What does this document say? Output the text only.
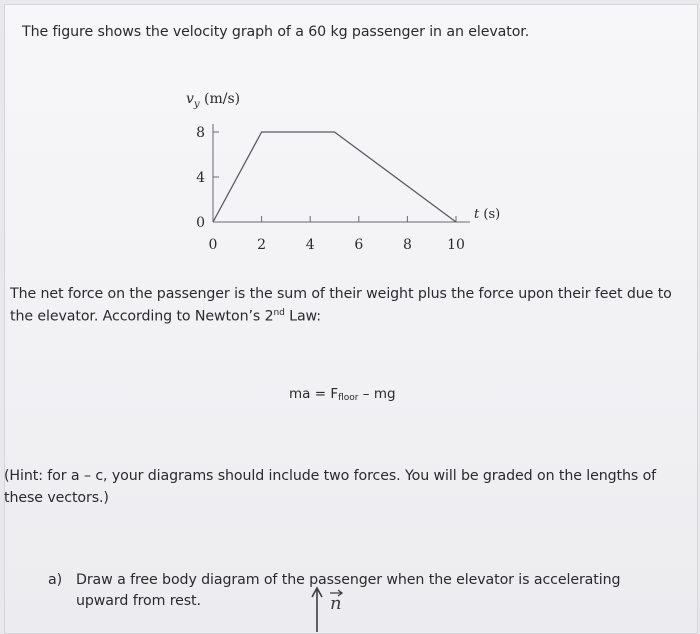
The figure shows the velocity graph of a 60 kg passenger in an elevator.
0
4
8
0	2	4	6	8	10
$v_y$ (m/s)
t (s)
The net force on the passenger is the sum of their weight plus the force upon their feet due to
the elevator. According to Newton’s 2nd Law:
ma = $F_{floor}$ – mg
(Hint: for a – c, your diagrams should include two forces. You will be graded on the lengths of
these vectors.)
a) Draw a free body diagram of the passenger when the elevator is accelerating
upward from rest.	n
